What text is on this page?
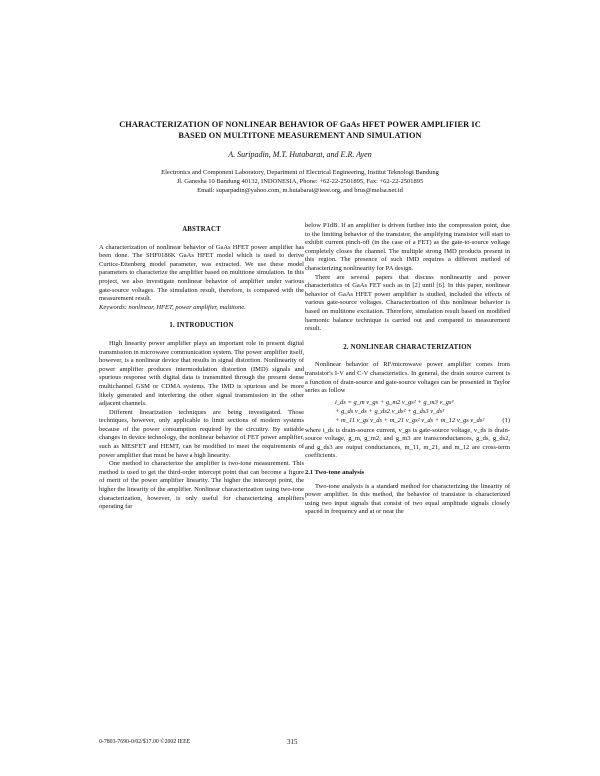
CHARACTERIZATION OF NONLINEAR BEHAVIOR OF GaAs HFET POWER AMPLIFIER IC
BASED ON MULTITONE MEASUREMENT AND SIMULATION
A. Suripadin, M.T. Hutabarat, and E.R. Ayen
Electronics and Component Laboratory, Department of Electrical Engineering, Institut Teknologi Bandung
Jl. Ganesha 10 Bandung 40132, INDONESIA, Phone: +62-22-2501895, Fax: +62-22-2501895
Email: suparpadin@yahoo.com, m.hutabarat@ieee.org, and brus@melsa.net.id
ABSTRACT

A characterization of nonlinear behavior of GaAs HFET power amplifier has been done. The SHF0186K GaAs HFET model which is used to derive Curtice-Ettenberg model parameter, was extracted. We use these model parameters to characterize the amplifier based on multitone simulation. In this project, we also investigate nonlinear behavior of amplifier under various gate-source voltages. The simulation result, therefore, is compared with the measurement result.

Keywords: nonlinear, HFET, power amplifier, multitone.

1. INTRODUCTION

High linearity power amplifier plays an important role in present digital transmission in microwave communication system. The power amplifier itself, however, is a nonlinear device that results in signal distortion. Nonlinearity of power amplifier produces intermodulation distortion (IMD) signals and spurious response with digital data is transmitted through the present dense multichannel GSM or CDMA systems. The IMD is spurious and be more likely generated and interfering the other signal transmission in the other adjacent channels.

Different linearization techniques are being investigated. Those techniques, however, only applicable to limit sections of modern systems because of the power consumption required by the circuitry. By suitable changes in device technology, the nonlinear behavior of FET power amplifier, such as MESFET and HEMT, can be modified to meet the requirements of power amplifier that must be have a high linearity.

One method to characterize the amplifier is two-tone measurement. This method is used to get the third-order intercept point that can become a figure of merit of the power amplifier linearity. The higher the intercept point, the higher the linearity of the amplifier. Nonlinear characterization using two-tone characterization, however, is only useful for characterizing amplifiers operating far

below P1dB. If an amplifier is driven further into the compression point, due to the limiting behavior of the transistor, the amplifying transistor will start to exhibit current pinch-off (in the case of a FET) as the gate-to-source voltage completely closes the channel. The multiple strong IMD products present in this region. The presence of such IMD requires a different method of characterizing nonlinearity for PA design.

There are several papers that discuss nonlinearity and power characteristics of GaAs FET such as in [2] until [6]. In this paper, nonlinear behavior of GaAs HFET power amplifier is studied, included the effects of various gate-source voltages. Characterization of this nonlinear behavior is based on multitone excitation. Therefore, simulation result based on modified harmonic balance technique is carried out and compared to measurement result.

2. NONLINEAR CHARACTERIZATION

Nonlinear behavior of RF/microwave power amplifier comes from transistor's I-V and C-V characteristics. In general, the drain source current is a function of drain-source and gate-source voltages can be presented in Taylor series as follow

i_ds = g_m v_gs + g_m2 v_gs² + g_m3 v_gs³
+ g_ds v_ds + g_ds2 v_ds² + g_ds3 v_ds³
+ m_11 v_gs v_ds + m_21 v_gs² v_ds + m_12 v_gs v_ds²	(1)

where i_ds is drain-source current, v_gs is gate-source voltage, v_ds is drain-source voltage, g_m, g_m2, and g_m3 are transconductances, g_ds, g_ds2, and g_ds3 are output conductances, m_11, m_21, and m_12 are cross-term coefficients.

2.1 Two-tone analysis

Two-tone analysis is a standard method for characterizing the linearity of power amplifier. In this method, the behavior of transistor is characterized using two input signals that consist of two equal amplitude signals closely spaced in frequency and at or near the

0-7803-7690-0/02/$17.00 ©2002 IEEE	315
